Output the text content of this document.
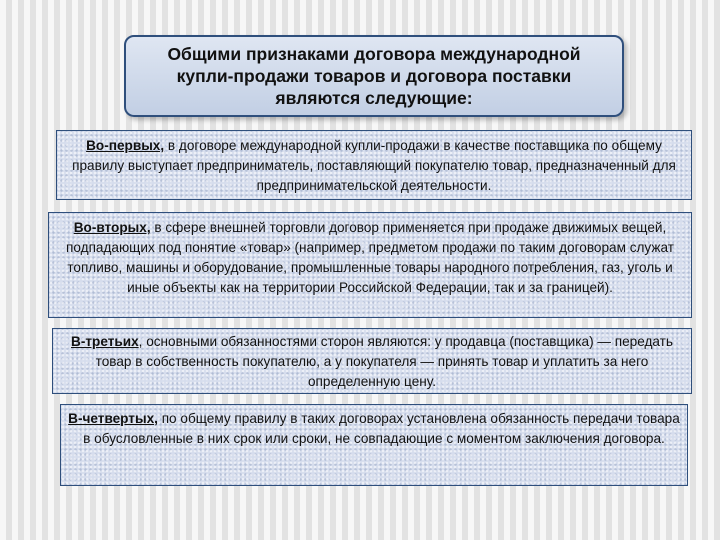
Общими признаками договора международной купли-продажи товаров и договора поставки являются следующие:
Во-первых, в договоре международной купли-продажи в качестве поставщика по общему правилу выступает предприниматель, поставляющий покупателю товар, предназначенный для предпринимательской деятельности.
Во-вторых, в сфере внешней торговли договор применяется при продаже движимых вещей, подпадающих под понятие «товар» (например, предметом продажи по таким договорам служат топливо, машины и оборудование, промышленные товары народного потребления, газ, уголь и иные объекты как на территории Российской Федерации, так и за границей).
В-третьих, основными обязанностями сторон являются: у продавца (поставщика) — передать товар в собственность покупателю, а у покупателя — принять товар и уплатить за него определенную цену.
В-четвертых, по общему правилу в таких договорах установлена обязанность передачи товара в обусловленные в них срок или сроки, не совпадающие с моментом заключения договора.
